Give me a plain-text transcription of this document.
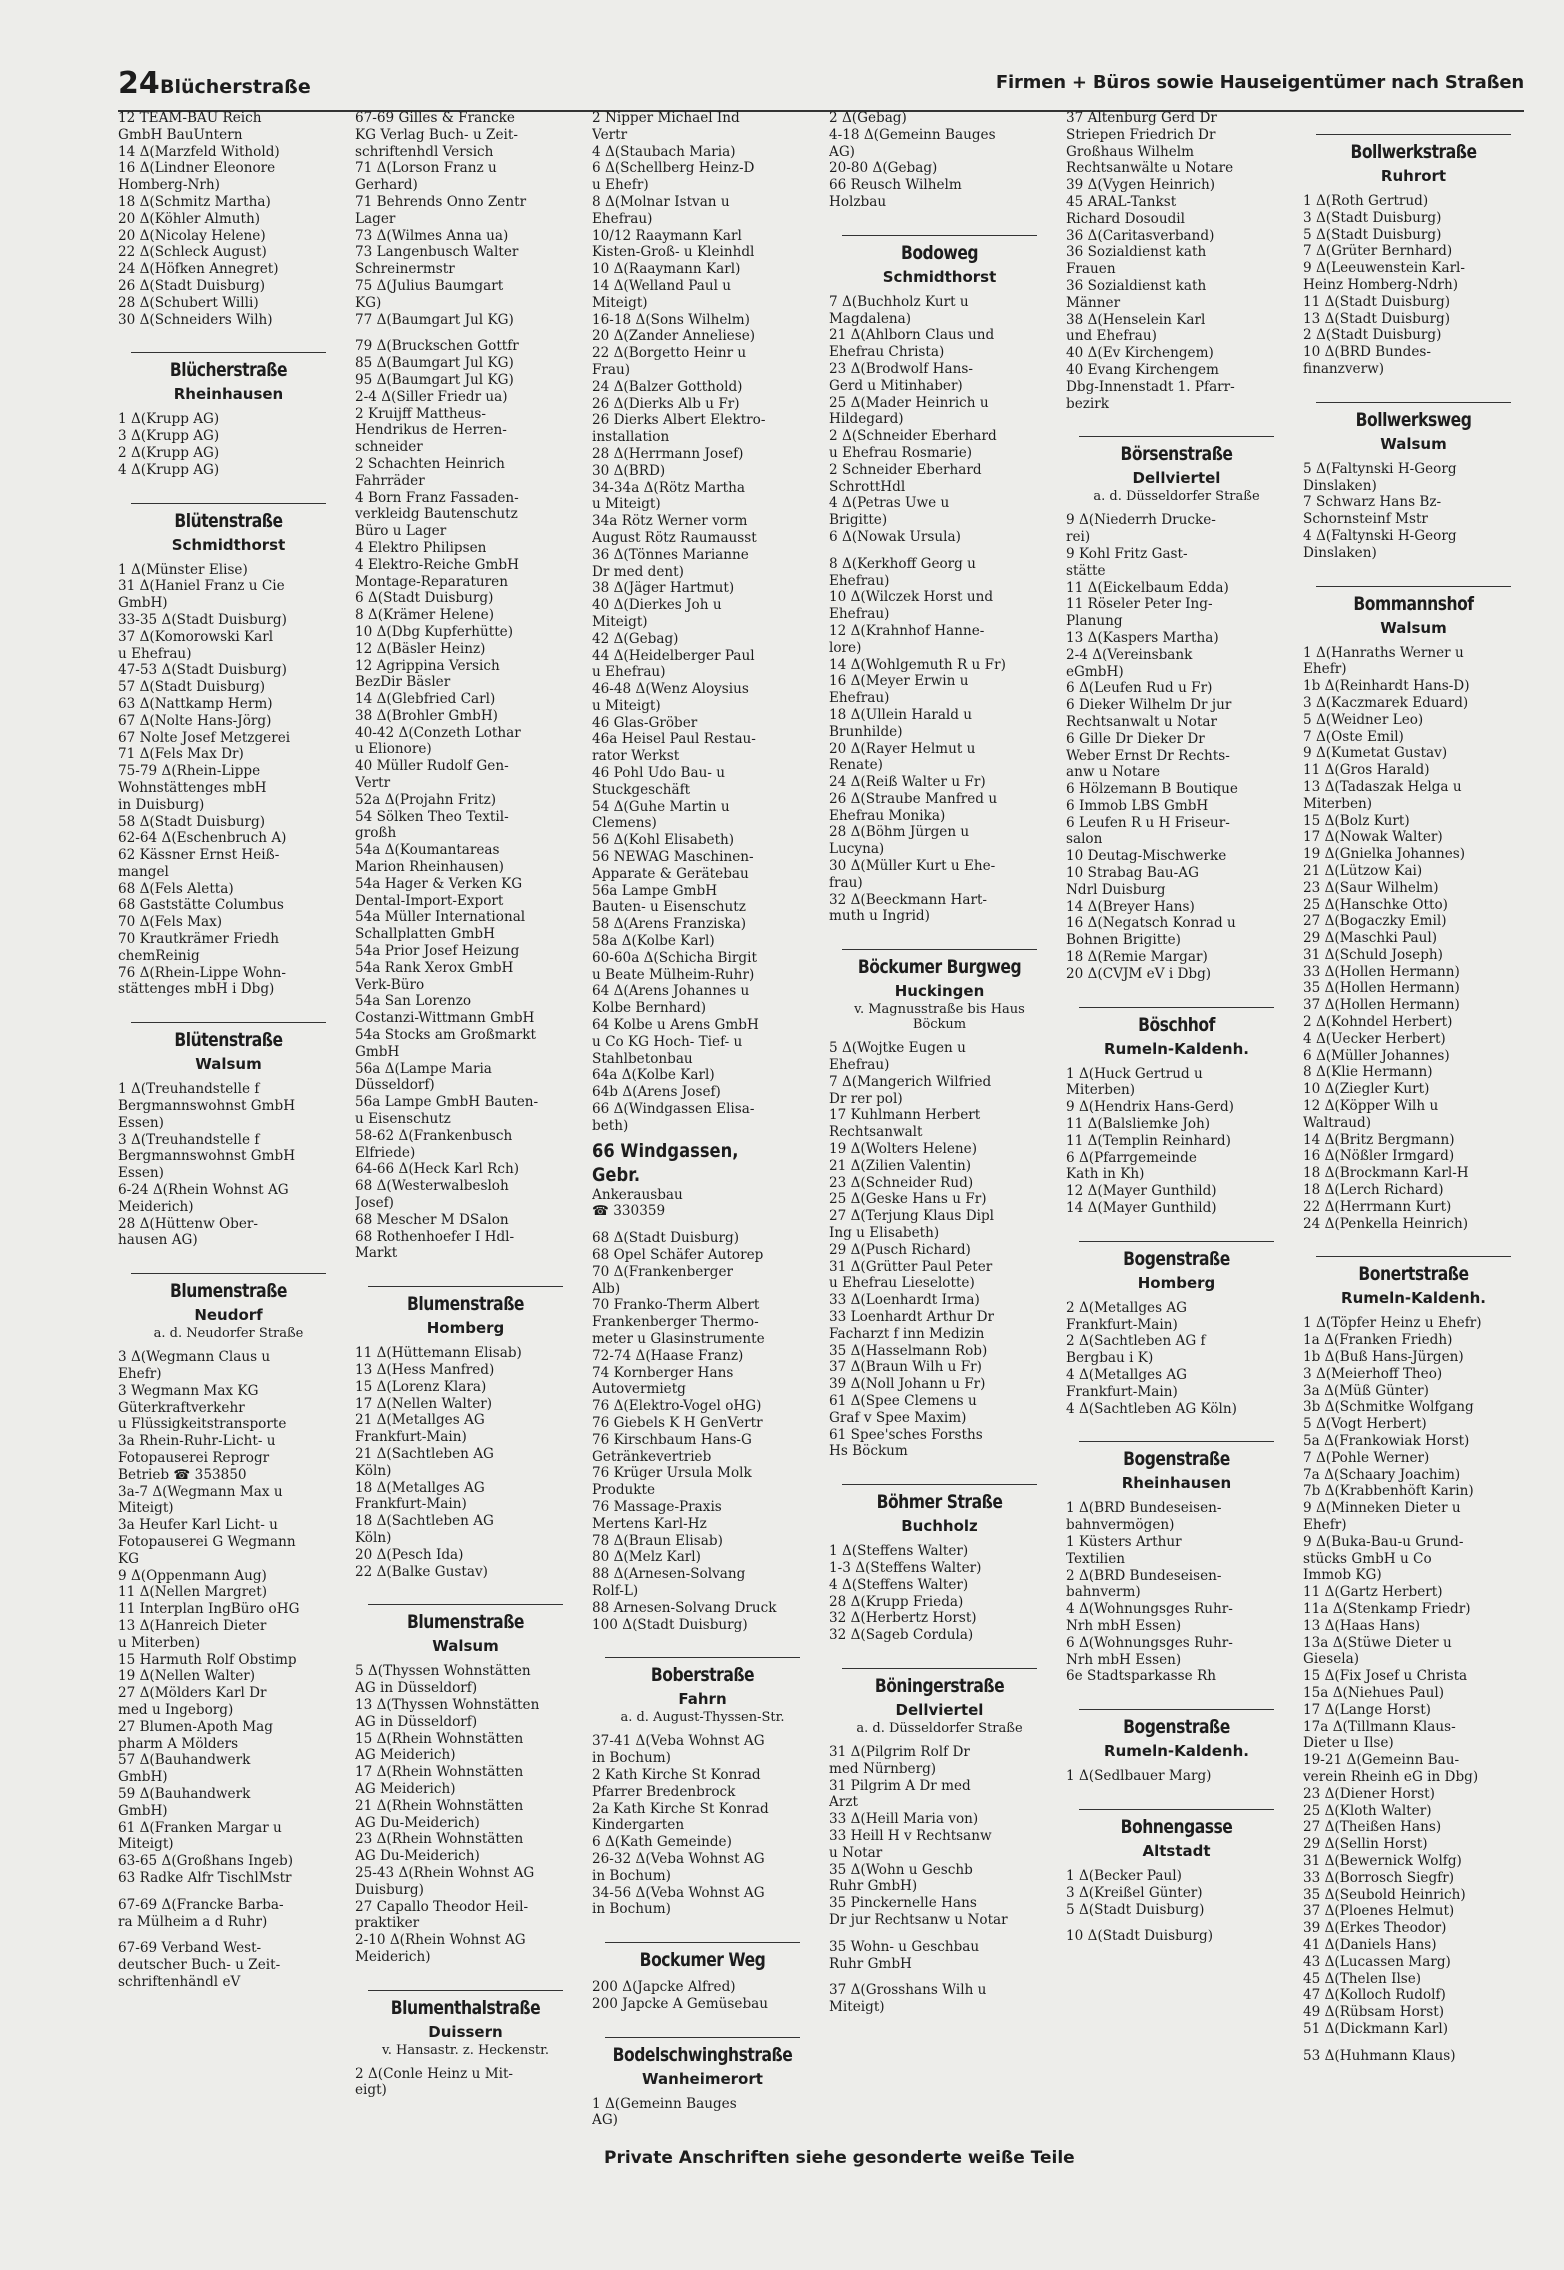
24 Blücherstraße	Firmen + Büros sowie Hauseigentümer nach Straßen
12 TEAM-BAU Reich
GmbH BauUntern
14 Δ(Marzfeld Withold)
16 Δ(Lindner Eleonore
Homberg-Nrh)
18 Δ(Schmitz Martha)
20 Δ(Köhler Almuth)
20 Δ(Nicolay Helene)
22 Δ(Schleck August)
24 Δ(Höfken Annegret)
26 Δ(Stadt Duisburg)
28 Δ(Schubert Willi)
30 Δ(Schneiders Wilh)
Blücherstraße
Rheinhausen
1 Δ(Krupp AG)
3 Δ(Krupp AG)
2 Δ(Krupp AG)
4 Δ(Krupp AG)
Blütenstraße
Schmidthorst
1 Δ(Münster Elise)
31 Δ(Haniel Franz u Cie
GmbH)
33-35 Δ(Stadt Duisburg)
37 Δ(Komorowski Karl
u Ehefrau)
47-53 Δ(Stadt Duisburg)
57 Δ(Stadt Duisburg)
63 Δ(Nattkamp Herm)
67 Δ(Nolte Hans-Jörg)
67 Nolte Josef Metzgerei
71 Δ(Fels Max Dr)
75-79 Δ(Rhein-Lippe
Wohnstättenges mbH
in Duisburg)
58 Δ(Stadt Duisburg)
62-64 Δ(Eschenbruch A)
62 Kässner Ernst Heiß-
mangel
68 Δ(Fels Aletta)
68 Gaststätte Columbus
70 Δ(Fels Max)
70 Krautkrämer Friedh
chemReinig
76 Δ(Rhein-Lippe Wohn-
stättenges mbH i Dbg)
Blütenstraße
Walsum
1 Δ(Treuhandstelle f
Bergmannswohnst GmbH
Essen)
3 Δ(Treuhandstelle f
Bergmannswohnst GmbH
Essen)
6-24 Δ(Rhein Wohnst AG
Meiderich)
28 Δ(Hüttenw Ober-
hausen AG)
Blumenstraße
Neudorf
a. d. Neudorfer Straße
3 Δ(Wegmann Claus u
Ehefr)
3 Wegmann Max KG
Güterkraftverkehr
u Flüssigkeitstransporte
3a Rhein-Ruhr-Licht- u
Fotopauserei Reprogr
Betrieb ☎ 353850
3a-7 Δ(Wegmann Max u
Miteigt)
3a Heufer Karl Licht- u
Fotopauserei G Wegmann
KG
9 Δ(Oppenmann Aug)
11 Δ(Nellen Margret)
11 Interplan IngBüro oHG
13 Δ(Hanreich Dieter
u Miterben)
15 Harmuth Rolf Obstimp
19 Δ(Nellen Walter)
27 Δ(Mölders Karl Dr
med u Ingeborg)
27 Blumen-Apoth Mag
pharm A Mölders
57 Δ(Bauhandwerk
GmbH)
59 Δ(Bauhandwerk
GmbH)
61 Δ(Franken Margar u
Miteigt)
63-65 Δ(Großhans Ingeb)
63 Radke Alfr TischlMstr

67-69 Δ(Francke Barba-
ra Mülheim a d Ruhr)

67-69 Verband West-
deutscher Buch- u Zeit-
schriftenhändl eV
67-69 Gilles & Francke
KG Verlag Buch- u Zeit-
schriftenhdl Versich
71 Δ(Lorson Franz u
Gerhard)
71 Behrends Onno Zentr
Lager
73 Δ(Wilmes Anna ua)
73 Langenbusch Walter
Schreinermstr
75 Δ(Julius Baumgart
KG)
77 Δ(Baumgart Jul KG)

79 Δ(Bruckschen Gottfr
85 Δ(Baumgart Jul KG)
95 Δ(Baumgart Jul KG)
2-4 Δ(Siller Friedr ua)
2 Kruijff Mattheus-
Hendrikus de Herren-
schneider
2 Schachten Heinrich
Fahrräder
4 Born Franz Fassaden-
verkleidg Bautenschutz
Büro u Lager
4 Elektro Philipsen
4 Elektro-Reiche GmbH
Montage-Reparaturen
6 Δ(Stadt Duisburg)
8 Δ(Krämer Helene)
10 Δ(Dbg Kupferhütte)
12 Δ(Bäsler Heinz)
12 Agrippina Versich
BezDir Bäsler
14 Δ(Glebfried Carl)
38 Δ(Brohler GmbH)
40-42 Δ(Conzeth Lothar
u Elionore)
40 Müller Rudolf Gen-
Vertr
52a Δ(Projahn Fritz)
54 Sölken Theo Textil-
großh
54a Δ(Koumantareas
Marion Rheinhausen)
54a Hager & Verken KG
Dental-Import-Export
54a Müller International
Schallplatten GmbH
54a Prior Josef Heizung
54a Rank Xerox GmbH
Verk-Büro
54a San Lorenzo
Costanzi-Wittmann GmbH
54a Stocks am Großmarkt
GmbH
56a Δ(Lampe Maria
Düsseldorf)
56a Lampe GmbH Bauten-
u Eisenschutz
58-62 Δ(Frankenbusch
Elfriede)
64-66 Δ(Heck Karl Rch)
68 Δ(Westerwalbesloh
Josef)
68 Mescher M DSalon
68 Rothenhoefer I Hdl-
Markt
Blumenstraße
Homberg
11 Δ(Hüttemann Elisab)
13 Δ(Hess Manfred)
15 Δ(Lorenz Klara)
17 Δ(Nellen Walter)
21 Δ(Metallges AG
Frankfurt-Main)
21 Δ(Sachtleben AG
Köln)
18 Δ(Metallges AG
Frankfurt-Main)
18 Δ(Sachtleben AG
Köln)
20 Δ(Pesch Ida)
22 Δ(Balke Gustav)
Blumenstraße
Walsum
5 Δ(Thyssen Wohnstätten
AG in Düsseldorf)
13 Δ(Thyssen Wohnstätten
AG in Düsseldorf)
15 Δ(Rhein Wohnstätten
AG Meiderich)
17 Δ(Rhein Wohnstätten
AG Meiderich)
21 Δ(Rhein Wohnstätten
AG Du-Meiderich)
23 Δ(Rhein Wohnstätten
AG Du-Meiderich)
25-43 Δ(Rhein Wohnst AG
Duisburg)
27 Capallo Theodor Heil-
praktiker
2-10 Δ(Rhein Wohnst AG
Meiderich)
Blumenthalstraße
Duissern
v. Hansastr. z. Heckenstr.
2 Δ(Conle Heinz u Mit-
eigt)
2 Nipper Michael Ind
Vertr
4 Δ(Staubach Maria)
6 Δ(Schellberg Heinz-D
u Ehefr)
8 Δ(Molnar Istvan u
Ehefrau)
10/12 Raaymann Karl
Kisten-Groß- u Kleinhdl
10 Δ(Raaymann Karl)
14 Δ(Welland Paul u
Miteigt)
16-18 Δ(Sons Wilhelm)
20 Δ(Zander Anneliese)
22 Δ(Borgetto Heinr u
Frau)
24 Δ(Balzer Gotthold)
26 Δ(Dierks Alb u Fr)
26 Dierks Albert Elektro-
installation
28 Δ(Herrmann Josef)
30 Δ(BRD)
34-34a Δ(Rötz Martha
u Miteigt)
34a Rötz Werner vorm
August Rötz Raumausst
36 Δ(Tönnes Marianne
Dr med dent)
38 Δ(Jäger Hartmut)
40 Δ(Dierkes Joh u
Miteigt)
42 Δ(Gebag)
44 Δ(Heidelberger Paul
u Ehefrau)
46-48 Δ(Wenz Aloysius
u Miteigt)
46 Glas-Gröber
46a Heisel Paul Restau-
rator Werkst
46 Pohl Udo Bau- u
Stuckgeschäft
54 Δ(Guhe Martin u
Clemens)
56 Δ(Kohl Elisabeth)
56 NEWAG Maschinen-
Apparate & Gerätebau
56a Lampe GmbH
Bauten- u Eisenschutz
58 Δ(Arens Franziska)
58a Δ(Kolbe Karl)
60-60a Δ(Schicha Birgit
u Beate Mülheim-Ruhr)
64 Δ(Arens Johannes u
Kolbe Bernhard)
64 Kolbe u Arens GmbH
u Co KG Hoch- Tief- u
Stahlbetonbau
64a Δ(Kolbe Karl)
64b Δ(Arens Josef)
66 Δ(Windgassen Elisa-
beth)
66 Windgassen, Gebr.
Ankerausbau
☎ 330359

68 Δ(Stadt Duisburg)
68 Opel Schäfer Autorep
70 Δ(Frankenberger
Alb)
70 Franko-Therm Albert
Frankenberger Thermo-
meter u Glasinstrumente
72-74 Δ(Haase Franz)
74 Kornberger Hans
Autovermietg
76 Δ(Elektro-Vogel oHG)
76 Giebels K H GenVertr
76 Kirschbaum Hans-G
Getränkevertrieb
76 Krüger Ursula Molk
Produkte
76 Massage-Praxis
Mertens Karl-Hz
78 Δ(Braun Elisab)
80 Δ(Melz Karl)
88 Δ(Arnesen-Solvang
Rolf-L)
88 Arnesen-Solvang Druck
100 Δ(Stadt Duisburg)
Boberstraße
Fahrn
a. d. August-Thyssen-Str.
37-41 Δ(Veba Wohnst AG
in Bochum)
2 Kath Kirche St Konrad
Pfarrer Bredenbrock
2a Kath Kirche St Konrad
Kindergarten
6 Δ(Kath Gemeinde)
26-32 Δ(Veba Wohnst AG
in Bochum)
34-56 Δ(Veba Wohnst AG
in Bochum)
Bockumer Weg
200 Δ(Japcke Alfred)
200 Japcke A Gemüsebau
Bodelschwinghstraße
Wanheimerort
1 Δ(Gemeinn Bauges
AG)
2 Δ(Gebag)
4-18 Δ(Gemeinn Bauges
AG)
20-80 Δ(Gebag)
66 Reusch Wilhelm
Holzbau
Bodoweg
Schmidthorst
7 Δ(Buchholz Kurt u
Magdalena)
21 Δ(Ahlborn Claus und
Ehefrau Christa)
23 Δ(Brodwolf Hans-
Gerd u Mitinhaber)
25 Δ(Mader Heinrich u
Hildegard)
2 Δ(Schneider Eberhard
u Ehefrau Rosmarie)
2 Schneider Eberhard
SchrottHdl
4 Δ(Petras Uwe u
Brigitte)
6 Δ(Nowak Ursula)

8 Δ(Kerkhoff Georg u
Ehefrau)
10 Δ(Wilczek Horst und
Ehefrau)
12 Δ(Krahnhof Hanne-
lore)
14 Δ(Wohlgemuth R u Fr)
16 Δ(Meyer Erwin u
Ehefrau)
18 Δ(Ullein Harald u
Brunhilde)
20 Δ(Rayer Helmut u
Renate)
24 Δ(Reiß Walter u Fr)
26 Δ(Straube Manfred u
Ehefrau Monika)
28 Δ(Böhm Jürgen u
Lucyna)
30 Δ(Müller Kurt u Ehe-
frau)
32 Δ(Beeckmann Hart-
muth u Ingrid)
Böckumer Burgweg
Huckingen
v. Magnusstraße bis Haus Böckum
5 Δ(Wojtke Eugen u
Ehefrau)
7 Δ(Mangerich Wilfried
Dr rer pol)
17 Kuhlmann Herbert
Rechtsanwalt
19 Δ(Wolters Helene)
21 Δ(Zilien Valentin)
23 Δ(Schneider Rud)
25 Δ(Geske Hans u Fr)
27 Δ(Terjung Klaus Dipl
Ing u Elisabeth)
29 Δ(Pusch Richard)
31 Δ(Grütter Paul Peter
u Ehefrau Lieselotte)
33 Δ(Loenhardt Irma)
33 Loenhardt Arthur Dr
Facharzt f inn Medizin
35 Δ(Hasselmann Rob)
37 Δ(Braun Wilh u Fr)
39 Δ(Noll Johann u Fr)
61 Δ(Spee Clemens u
Graf v Spee Maxim)
61 Spee'sches Forsths
Hs Böckum
Böhmer Straße
Buchholz
1 Δ(Steffens Walter)
1-3 Δ(Steffens Walter)
4 Δ(Steffens Walter)
28 Δ(Krupp Frieda)
32 Δ(Herbertz Horst)
32 Δ(Sageb Cordula)
Böningerstraße
Dellviertel
a. d. Düsseldorfer Straße
31 Δ(Pilgrim Rolf Dr
med Nürnberg)
31 Pilgrim A Dr med
Arzt
33 Δ(Heill Maria von)
33 Heill H v Rechtsanw
u Notar
35 Δ(Wohn u Geschb
Ruhr GmbH)
35 Pinckernelle Hans
Dr jur Rechtsanw u Notar

35 Wohn- u Geschbau
Ruhr GmbH

37 Δ(Grosshans Wilh u
Miteigt)
37 Altenburg Gerd Dr
Striepen Friedrich Dr
Großhaus Wilhelm
Rechtsanwälte u Notare
39 Δ(Vygen Heinrich)
45 ARAL-Tankst
Richard Dosoudil
36 Δ(Caritasverband)
36 Sozialdienst kath
Frauen
36 Sozialdienst kath
Männer
38 Δ(Henselein Karl
und Ehefrau)
40 Δ(Ev Kirchengem)
40 Evang Kirchengem
Dbg-Innenstadt 1. Pfarr-
bezirk
Börsenstraße
Dellviertel
a. d. Düsseldorfer Straße
9 Δ(Niederrh Drucke-
rei)
9 Kohl Fritz Gast-
stätte
11 Δ(Eickelbaum Edda)
11 Röseler Peter Ing-
Planung
13 Δ(Kaspers Martha)
2-4 Δ(Vereinsbank
eGmbH)
6 Δ(Leufen Rud u Fr)
6 Dieker Wilhelm Dr jur
Rechtsanwalt u Notar
6 Gille Dr Dieker Dr
Weber Ernst Dr Rechts-
anw u Notare
6 Hölzemann B Boutique
6 Immob LBS GmbH
6 Leufen R u H Friseur-
salon
10 Deutag-Mischwerke
10 Strabag Bau-AG
Ndrl Duisburg
14 Δ(Breyer Hans)
16 Δ(Negatsch Konrad u
Bohnen Brigitte)
18 Δ(Remie Margar)
20 Δ(CVJM eV i Dbg)
Böschhof
Rumeln-Kaldenh.
1 Δ(Huck Gertrud u
Miterben)
9 Δ(Hendrix Hans-Gerd)
11 Δ(Balsliemke Joh)
11 Δ(Templin Reinhard)
6 Δ(Pfarrgemeinde
Kath in Kh)
12 Δ(Mayer Gunthild)
14 Δ(Mayer Gunthild)
Bogenstraße
Homberg
2 Δ(Metallges AG
Frankfurt-Main)
2 Δ(Sachtleben AG f
Bergbau i K)
4 Δ(Metallges AG
Frankfurt-Main)
4 Δ(Sachtleben AG Köln)
Bogenstraße
Rheinhausen
1 Δ(BRD Bundeseisen-
bahnvermögen)
1 Küsters Arthur
Textilien
2 Δ(BRD Bundeseisen-
bahnverm)
4 Δ(Wohnungsges Ruhr-
Nrh mbH Essen)
6 Δ(Wohnungsges Ruhr-
Nrh mbH Essen)
6e Stadtsparkasse Rh
Bogenstraße
Rumeln-Kaldenh.
1 Δ(Sedlbauer Marg)
Bohnengasse
Altstadt
1 Δ(Becker Paul)
3 Δ(Kreißel Günter)
5 Δ(Stadt Duisburg)

10 Δ(Stadt Duisburg)
Bollwerkstraße
Ruhrort
1 Δ(Roth Gertrud)
3 Δ(Stadt Duisburg)
5 Δ(Stadt Duisburg)
7 Δ(Grüter Bernhard)
9 Δ(Leeuwenstein Karl-
Heinz Homberg-Ndrh)
11 Δ(Stadt Duisburg)
13 Δ(Stadt Duisburg)
2 Δ(Stadt Duisburg)
10 Δ(BRD Bundes-
finanzverw)
Bollwerksweg
Walsum
5 Δ(Faltynski H-Georg
Dinslaken)
7 Schwarz Hans Bz-
Schornsteinf Mstr
4 Δ(Faltynski H-Georg
Dinslaken)
Bommannshof
Walsum
1 Δ(Hanraths Werner u
Ehefr)
1b Δ(Reinhardt Hans-D)
3 Δ(Kaczmarek Eduard)
5 Δ(Weidner Leo)
7 Δ(Oste Emil)
9 Δ(Kumetat Gustav)
11 Δ(Gros Harald)
13 Δ(Tadaszak Helga u
Miterben)
15 Δ(Bolz Kurt)
17 Δ(Nowak Walter)
19 Δ(Gnielka Johannes)
21 Δ(Lützow Kai)
23 Δ(Saur Wilhelm)
25 Δ(Hanschke Otto)
27 Δ(Bogaczky Emil)
29 Δ(Maschki Paul)
31 Δ(Schuld Joseph)
33 Δ(Hollen Hermann)
35 Δ(Hollen Hermann)
37 Δ(Hollen Hermann)
2 Δ(Kohndel Herbert)
4 Δ(Uecker Herbert)
6 Δ(Müller Johannes)
8 Δ(Klie Hermann)
10 Δ(Ziegler Kurt)
12 Δ(Köpper Wilh u
Waltraud)
14 Δ(Britz Bergmann)
16 Δ(Nößler Irmgard)
18 Δ(Brockmann Karl-H
18 Δ(Lerch Richard)
22 Δ(Herrmann Kurt)
24 Δ(Penkella Heinrich)
Bonertstraße
Rumeln-Kaldenh.
1 Δ(Töpfer Heinz u Ehefr)
1a Δ(Franken Friedh)
1b Δ(Buß Hans-Jürgen)
3 Δ(Meierhoff Theo)
3a Δ(Müß Günter)
3b Δ(Schmitke Wolfgang
5 Δ(Vogt Herbert)
5a Δ(Frankowiak Horst)
7 Δ(Pohle Werner)
7a Δ(Schaary Joachim)
7b Δ(Krabbenhöft Karin)
9 Δ(Minneken Dieter u
Ehefr)
9 Δ(Buka-Bau-u Grund-
stücks GmbH u Co
Immob KG)
11 Δ(Gartz Herbert)
11a Δ(Stenkamp Friedr)
13 Δ(Haas Hans)
13a Δ(Stüwe Dieter u
Giesela)
15 Δ(Fix Josef u Christa
15a Δ(Niehues Paul)
17 Δ(Lange Horst)
17a Δ(Tillmann Klaus-
Dieter u Ilse)
19-21 Δ(Gemeinn Bau-
verein Rheinh eG in Dbg)
23 Δ(Diener Horst)
25 Δ(Kloth Walter)
27 Δ(Theißen Hans)
29 Δ(Sellin Horst)
31 Δ(Bewernick Wolfg)
33 Δ(Borrosch Siegfr)
35 Δ(Seubold Heinrich)
37 Δ(Ploenes Helmut)
39 Δ(Erkes Theodor)
41 Δ(Daniels Hans)
43 Δ(Lucassen Marg)
45 Δ(Thelen Ilse)
47 Δ(Kolloch Rudolf)
49 Δ(Rübsam Horst)
51 Δ(Dickmann Karl)

53 Δ(Huhmann Klaus)
Private Anschriften siehe gesonderte weiße Teile
